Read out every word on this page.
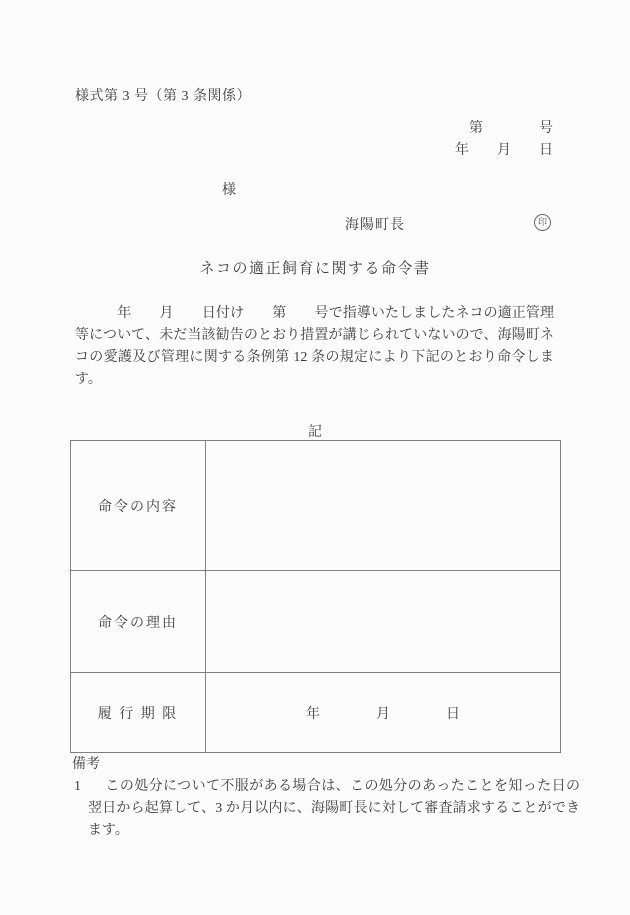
様式第 3 号（第 3 条関係）
第　　　　号
年　　月　　日
様
海陽町長	印
ネコの適正飼育に関する命令書
　　　年　　月　　日付け　　第　　号で指導いたしましたネコの適正管理等について、未だ当該勧告のとおり措置が講じられていないので、海陽町ネコの愛護及び管理に関する条例第 12 条の規定により下記のとおり命令します。
記
命令の内容	
命令の理由	
履 行 期 限	年　　　　月　　　　日
備考
1 この処分について不服がある場合は、この処分のあったことを知った日の翌日から起算して、3 か月以内に、海陽町長に対して審査請求することができます。
